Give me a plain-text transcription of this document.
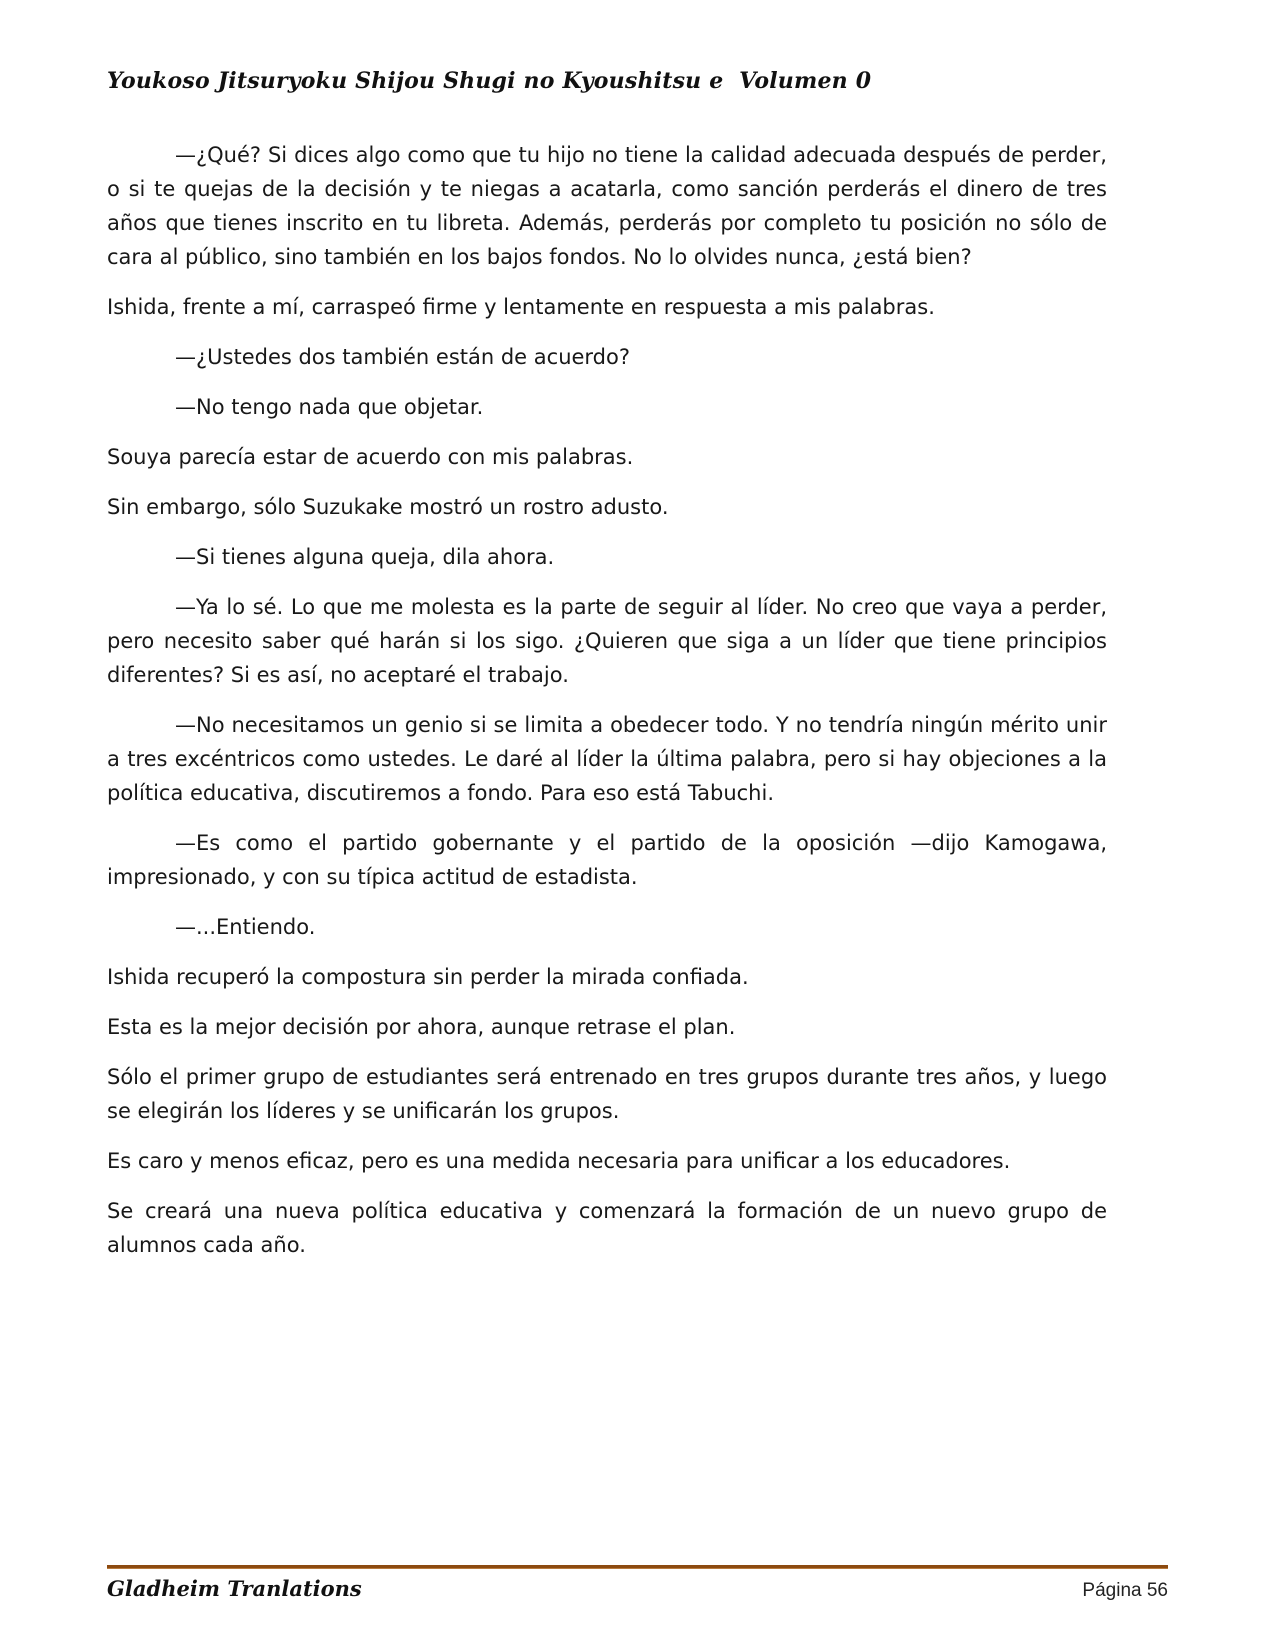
Youkoso Jitsuryoku Shijou Shugi no Kyoushitsu e  Volumen 0

—¿Qué? Si dices algo como que tu hijo no tiene la calidad adecuada después de perder, o si te quejas de la decisión y te niegas a acatarla, como sanción perderás el dinero de tres años que tienes inscrito en tu libreta. Además, perderás por completo tu posición no sólo de cara al público, sino también en los bajos fondos. No lo olvides nunca, ¿está bien?

Ishida, frente a mí, carraspeó firme y lentamente en respuesta a mis palabras.

—¿Ustedes dos también están de acuerdo?

—No tengo nada que objetar.

Souya parecía estar de acuerdo con mis palabras.

Sin embargo, sólo Suzukake mostró un rostro adusto.

—Si tienes alguna queja, dila ahora.

—Ya lo sé. Lo que me molesta es la parte de seguir al líder. No creo que vaya a perder, pero necesito saber qué harán si los sigo. ¿Quieren que siga a un líder que tiene principios diferentes? Si es así, no aceptaré el trabajo.

—No necesitamos un genio si se limita a obedecer todo. Y no tendría ningún mérito unir a tres excéntricos como ustedes. Le daré al líder la última palabra, pero si hay objeciones a la política educativa, discutiremos a fondo. Para eso está Tabuchi.

—Es como el partido gobernante y el partido de la oposición —dijo Kamogawa, impresionado, y con su típica actitud de estadista.

—...Entiendo.

Ishida recuperó la compostura sin perder la mirada confiada.

Esta es la mejor decisión por ahora, aunque retrase el plan.

Sólo el primer grupo de estudiantes será entrenado en tres grupos durante tres años, y luego se elegirán los líderes y se unificarán los grupos.

Es caro y menos eficaz, pero es una medida necesaria para unificar a los educadores.

Se creará una nueva política educativa y comenzará la formación de un nuevo grupo de alumnos cada año.

Gladheim Tranlations	Página 56
